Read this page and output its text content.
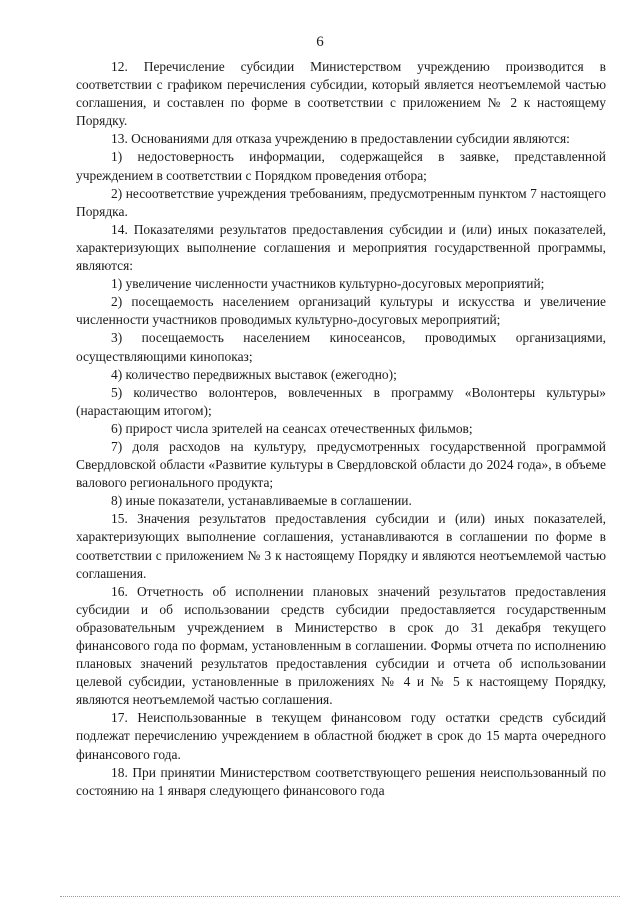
6

12. Перечисление субсидии Министерством учреждению производится в соответствии с графиком перечисления субсидии, который является неотъемлемой частью соглашения, и составлен по форме в соответствии с приложением № 2 к настоящему Порядку.

13. Основаниями для отказа учреждению в предоставлении субсидии являются:

1) недостоверность информации, содержащейся в заявке, представленной учреждением в соответствии с Порядком проведения отбора;

2) несоответствие учреждения требованиям, предусмотренным пунктом 7 настоящего Порядка.

14. Показателями результатов предоставления субсидии и (или) иных показателей, характеризующих выполнение соглашения и мероприятия государственной программы, являются:

1) увеличение численности участников культурно-досуговых мероприятий;

2) посещаемость населением организаций культуры и искусства и увеличение численности участников проводимых культурно-досуговых мероприятий;

3) посещаемость населением киносеансов, проводимых организациями, осуществляющими кинопоказ;

4) количество передвижных выставок (ежегодно);

5) количество волонтеров, вовлеченных в программу «Волонтеры культуры» (нарастающим итогом);

6) прирост числа зрителей на сеансах отечественных фильмов;

7) доля расходов на культуру, предусмотренных государственной программой Свердловской области «Развитие культуры в Свердловской области до 2024 года», в объеме валового регионального продукта;

8) иные показатели, устанавливаемые в соглашении.

15. Значения результатов предоставления субсидии и (или) иных показателей, характеризующих выполнение соглашения, устанавливаются в соглашении по форме в соответствии с приложением № 3 к настоящему Порядку и являются неотъемлемой частью соглашения.

16. Отчетность об исполнении плановых значений результатов предоставления субсидии и об использовании средств субсидии предоставляется государственным образовательным учреждением в Министерство в срок до 31 декабря текущего финансового года по формам, установленным в соглашении. Формы отчета по исполнению плановых значений результатов предоставления субсидии и отчета об использовании целевой субсидии, установленные в приложениях № 4 и № 5 к настоящему Порядку, являются неотъемлемой частью соглашения.

17. Неиспользованные в текущем финансовом году остатки средств субсидий подлежат перечислению учреждением в областной бюджет в срок до 15 марта очередного финансового года.

18. При принятии Министерством соответствующего решения неиспользованный по состоянию на 1 января следующего финансового года
